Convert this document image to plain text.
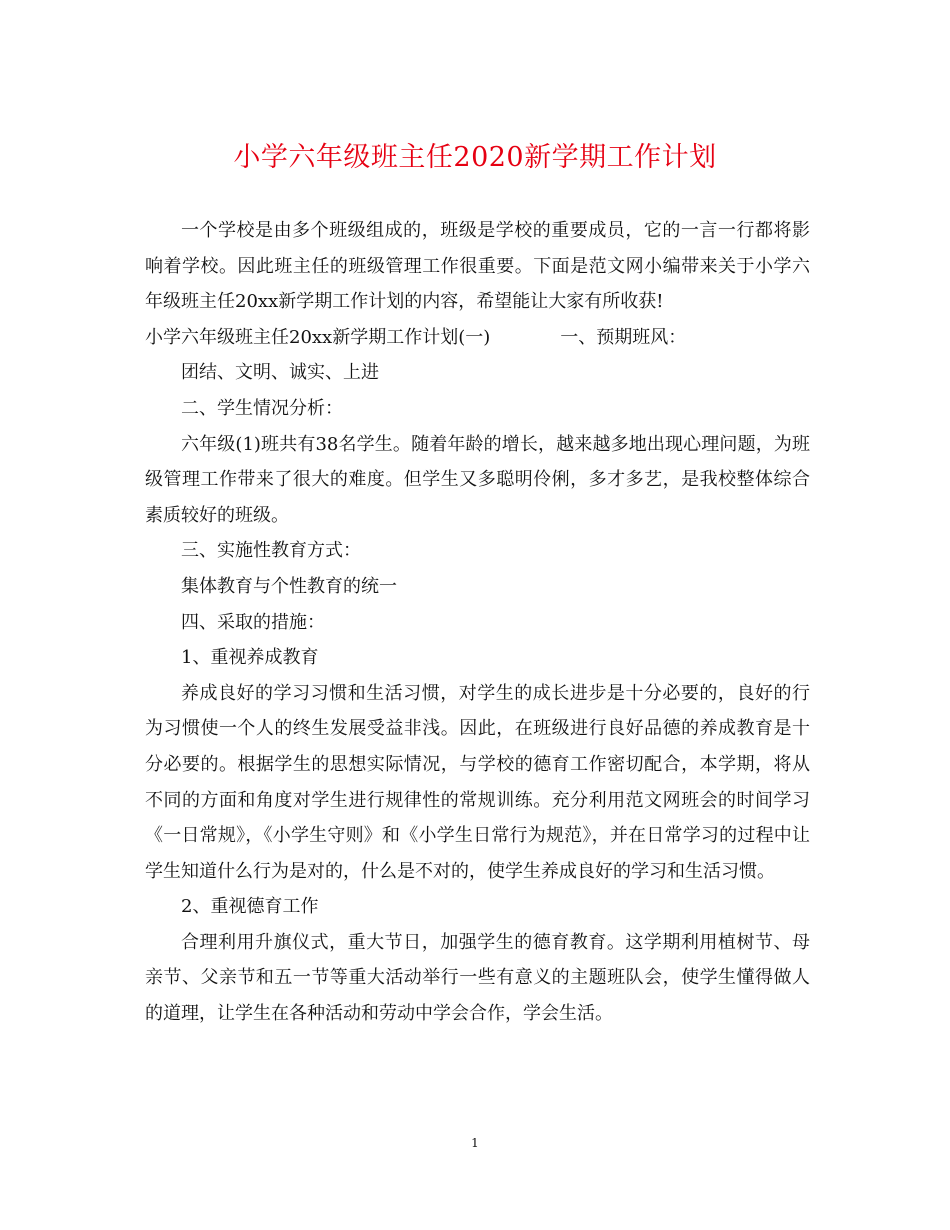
小学六年级班主任2020新学期工作计划

一个学校是由多个班级组成的，班级是学校的重要成员，它的一言一行都将影响着学校。因此班主任的班级管理工作很重要。下面是范文网小编带来关于小学六年级班主任20xx新学期工作计划的内容，希望能让大家有所收获!

小学六年级班主任20xx新学期工作计划(一)	一、预期班风：

团结、文明、诚实、上进

二、学生情况分析：

六年级(1)班共有38名学生。随着年龄的增长，越来越多地出现心理问题，为班级管理工作带来了很大的难度。但学生又多聪明伶俐，多才多艺，是我校整体综合素质较好的班级。

三、实施性教育方式：

集体教育与个性教育的统一

四、采取的措施：

1、重视养成教育

养成良好的学习习惯和生活习惯，对学生的成长进步是十分必要的，良好的行为习惯使一个人的终生发展受益非浅。因此，在班级进行良好品德的养成教育是十分必要的。根据学生的思想实际情况，与学校的德育工作密切配合，本学期，将从不同的方面和角度对学生进行规律性的常规训练。充分利用范文网班会的时间学习《一日常规》，《小学生守则》和《小学生日常行为规范》，并在日常学习的过程中让学生知道什么行为是对的，什么是不对的，使学生养成良好的学习和生活习惯。

2、重视德育工作

合理利用升旗仪式，重大节日，加强学生的德育教育。这学期利用植树节、母亲节、父亲节和五一节等重大活动举行一些有意义的主题班队会，使学生懂得做人的道理，让学生在各种活动和劳动中学会合作，学会生活。

1
